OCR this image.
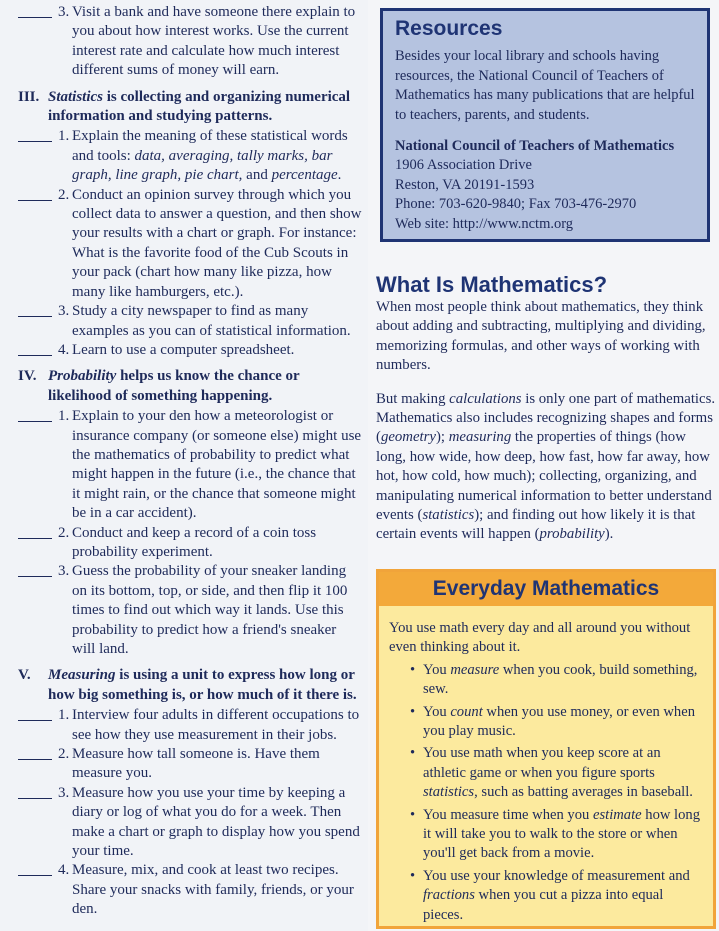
3. Visit a bank and have someone there explain to you about how interest works. Use the current interest rate and calculate how much interest different sums of money will earn.
III. Statistics is collecting and organizing numerical information and studying patterns.
1. Explain the meaning of these statistical words and tools: data, averaging, tally marks, bar graph, line graph, pie chart, and percentage.
2. Conduct an opinion survey through which you collect data to answer a question, and then show your results with a chart or graph. For instance: What is the favorite food of the Cub Scouts in your pack (chart how many like pizza, how many like hamburgers, etc.).
3. Study a city newspaper to find as many examples as you can of statistical information.
4. Learn to use a computer spreadsheet.
IV. Probability helps us know the chance or likelihood of something happening.
1. Explain to your den how a meteorologist or insurance company (or someone else) might use the mathematics of probability to predict what might happen in the future (i.e., the chance that it might rain, or the chance that someone might be in a car accident).
2. Conduct and keep a record of a coin toss probability experiment.
3. Guess the probability of your sneaker landing on its bottom, top, or side, and then flip it 100 times to find out which way it lands. Use this probability to predict how a friend's sneaker will land.
V. Measuring is using a unit to express how long or how big something is, or how much of it there is.
1. Interview four adults in different occupations to see how they use measurement in their jobs.
2. Measure how tall someone is. Have them measure you.
3. Measure how you use your time by keeping a diary or log of what you do for a week. Then make a chart or graph to display how you spend your time.
4. Measure, mix, and cook at least two recipes. Share your snacks with family, friends, or your den.
Resources
Besides your local library and schools having resources, the National Council of Teachers of Mathematics has many publications that are helpful to teachers, parents, and students.
National Council of Teachers of Mathematics
1906 Association Drive
Reston, VA 20191-1593
Phone: 703-620-9840; Fax 703-476-2970
Web site: http://www.nctm.org
What Is Mathematics?

When most people think about mathematics, they think about adding and subtracting, multiplying and dividing, memorizing formulas, and other ways of working with numbers.

But making calculations is only one part of mathematics. Mathematics also includes recognizing shapes and forms (geometry); measuring the properties of things (how long, how wide, how deep, how fast, how far away, how hot, how cold, how much); collecting, organizing, and manipulating numerical information to better understand events (statistics); and finding out how likely it is that certain events will happen (probability).

Everyday Mathematics
You use math every day and all around you without even thinking about it.
• You measure when you cook, build something, sew.
• You count when you use money, or even when you play music.
• You use math when you keep score at an athletic game or when you figure sports statistics, such as batting averages in baseball.
• You measure time when you estimate how long it will take you to walk to the store or when you'll get back from a movie.
• You use your knowledge of measurement and fractions when you cut a pizza into equal pieces.
